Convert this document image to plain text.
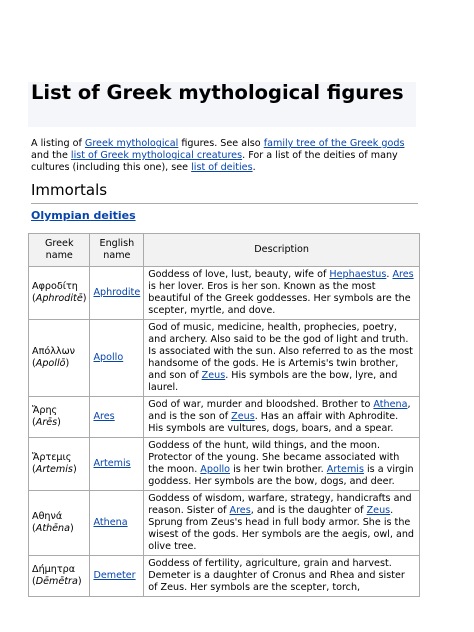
List of Greek mythological figures

A listing of Greek mythological figures. See also family tree of the Greek gods and the list of Greek mythological creatures. For a list of the deities of many cultures (including this one), see list of deities.

Immortals
Olympian deities
Greek name	English name	Description
Αφροδίτη
(Aphroditē)	Aphrodite	Goddess of love, lust, beauty, wife of Hephaestus. Ares is her lover. Eros is her son. Known as the most beautiful of the Greek goddesses. Her symbols are the scepter, myrtle, and dove.
Απόλλων
(Apollō)	Apollo	God of music, medicine, health, prophecies, poetry, and archery. Also said to be the god of light and truth. Is associated with the sun. Also referred to as the most handsome of the gods. He is Artemis's twin brother, and son of Zeus. His symbols are the bow, lyre, and laurel.
Ἄρης
(Arēs)	Ares	God of war, murder and bloodshed. Brother to Athena, and is the son of Zeus. Has an affair with Aphrodite. His symbols are vultures, dogs, boars, and a spear.
Ἄρτεμις
(Artemis)	Artemis	Goddess of the hunt, wild things, and the moon. Protector of the young. She became associated with the moon. Apollo is her twin brother. Artemis is a virgin goddess. Her symbols are the bow, dogs, and deer.
Αθηνά
(Athēna)	Athena	Goddess of wisdom, warfare, strategy, handicrafts and reason. Sister of Ares, and is the daughter of Zeus. Sprung from Zeus's head in full body armor. She is the wisest of the gods. Her symbols are the aegis, owl, and olive tree.
Δήμητρα
(Dēmētra)	Demeter	Goddess of fertility, agriculture, grain and harvest. Demeter is a daughter of Cronus and Rhea and sister of Zeus. Her symbols are the scepter, torch,
